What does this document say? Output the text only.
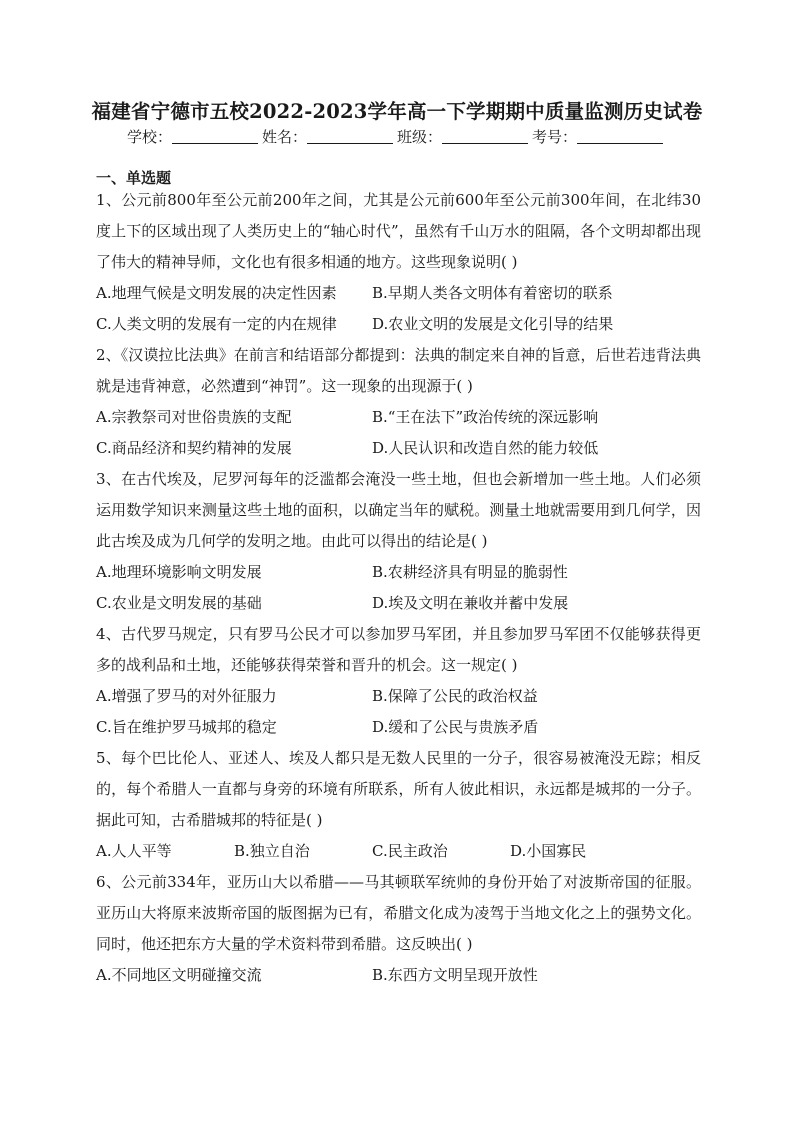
福建省宁德市五校2022-2023学年高一下学期期中质量监测历史试卷
学校：	姓名：	班级：	考号：
一、单选题

1、公元前800年至公元前200年之间，尤其是公元前600年至公元前300年间，在北纬30度上下的区域出现了人类历史上的“轴心时代”，虽然有千山万水的阻隔，各个文明却都出现了伟大的精神导师，文化也有很多相通的地方。这些现象说明( )

A.地理气候是文明发展的决定性因素	B.早期人类各文明体有着密切的联系
C.人类文明的发展有一定的内在规律	D.农业文明的发展是文化引导的结果

2、《汉谟拉比法典》在前言和结语部分都提到：法典的制定来自神的旨意，后世若违背法典就是违背神意，必然遭到“神罚”。这一现象的出现源于( )

A.宗教祭司对世俗贵族的支配	B.“王在法下”政治传统的深远影响
C.商品经济和契约精神的发展	D.人民认识和改造自然的能力较低

3、在古代埃及，尼罗河每年的泛滥都会淹没一些土地，但也会新增加一些土地。人们必须运用数学知识来测量这些土地的面积，以确定当年的赋税。测量土地就需要用到几何学，因此古埃及成为几何学的发明之地。由此可以得出的结论是( )

A.地理环境影响文明发展	B.农耕经济具有明显的脆弱性
C.农业是文明发展的基础	D.埃及文明在兼收并蓄中发展

4、古代罗马规定，只有罗马公民才可以参加罗马军团，并且参加罗马军团不仅能够获得更多的战利品和土地，还能够获得荣誉和晋升的机会。这一规定( )

A.增强了罗马的对外征服力	B.保障了公民的政治权益
C.旨在维护罗马城邦的稳定	D.缓和了公民与贵族矛盾

5、每个巴比伦人、亚述人、埃及人都只是无数人民里的一分子，很容易被淹没无踪；相反的，每个希腊人一直都与身旁的环境有所联系，所有人彼此相识，永远都是城邦的一分子。据此可知，古希腊城邦的特征是( )

A.人人平等	B.独立自治	C.民主政治	D.小国寡民

6、公元前334年，亚历山大以希腊——马其顿联军统帅的身份开始了对波斯帝国的征服。亚历山大将原来波斯帝国的版图据为已有，希腊文化成为凌驾于当地文化之上的强势文化。同时，他还把东方大量的学术资料带到希腊。这反映出( )

A.不同地区文明碰撞交流	B.东西方文明呈现开放性
